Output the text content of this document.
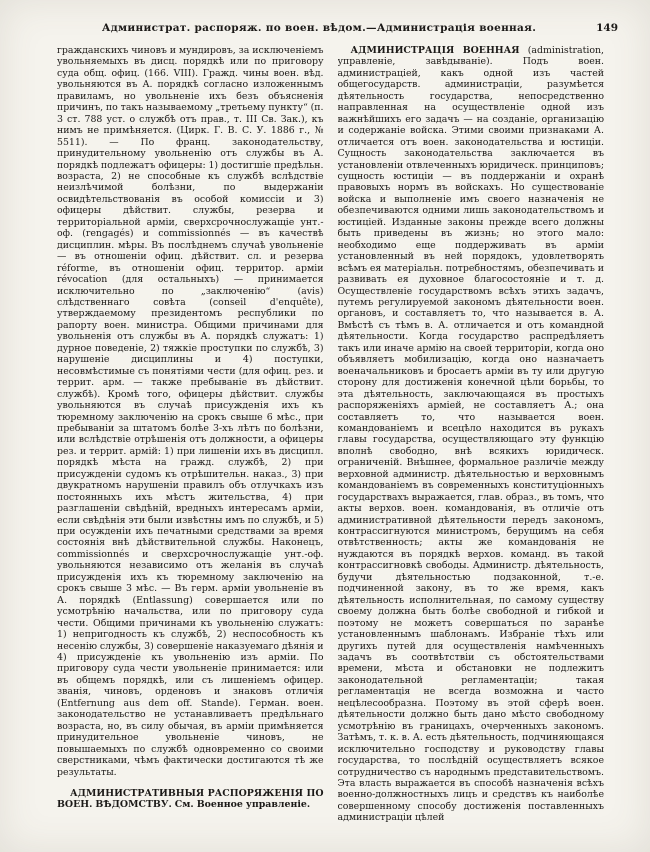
Администрат. распоряж. по воен. вѣдом.—Администрація военная.	149

гражданскихъ чиновъ и мундировъ, за исключеніемъ увольняемыхъ въ дисц. порядкѣ или по приговору суда общ. офиц. (166. VIII). Гражд. чины воен. вѣд. увольняются въ А. порядкѣ согласно изложеннымъ правиламъ, но увольненіе ихъ безъ объясненія причинъ, по такъ называемому „третьему пункту“ (п. 3 ст. 788 уст. о службѣ отъ прав., т. III Св. Зак.), къ нимъ не примѣняется. (Цирк. Г. В. С. У. 1886 г., № 5511). — По франц. законодательству, принудительному увольненію отъ службы въ А. порядкѣ подлежатъ офицеры: 1) достигшіе предѣльн. возраста, 2) не способные къ службѣ вслѣдствіе неизлѣчимой болѣзни, по выдержаніи освидѣтельствованія въ особой комиссіи и 3) офицеры дѣйствит. службы, резерва и территоріальной арміи, сверхсрочнослужащіе унт.-оф. (rengagés) и commissionnés — въ качествѣ дисциплин. мѣры. Въ послѣднемъ случаѣ увольненіе — въ отношеніи офиц. дѣйствит. сл. и резерва réforme, въ отношеніи офиц. территор. арміи révocation (для остальныхъ) — принимается исключительно по „заключенію“ (avis) слѣдственнаго совѣта (conseil d'enquête), утверждаемому президентомъ республики по рапорту воен. министра. Общими причинами для увольненія отъ службы въ А. порядкѣ служатъ: 1) дурное поведеніе, 2) тяжкіе проступки по службѣ, 3) нарушеніе дисциплины и 4) поступки, несовмѣстимые съ понятіями чести (для офиц. рез. и террит. арм. — также пребываніе въ дѣйствит. службѣ). Кромѣ того, офицеры дѣйствит. службы увольняются въ случаѣ присужденія ихъ къ тюремному заключенію на срокъ свыше 6 мѣс., при пребываніи за штатомъ болѣе 3-хъ лѣтъ по болѣзни, или вслѣдствіе отрѣшенія отъ должности, а офицеры рез. и террит. армій: 1) при лишеніи ихъ въ дисципл. порядкѣ мѣста на гражд. службѣ, 2) при присужденіи судомъ къ отрѣшительн. наказ., 3) при двукратномъ нарушеніи правилъ объ отлучкахъ изъ постоянныхъ ихъ мѣстъ жительства, 4) при разглашеніи свѣдѣній, вредныхъ интересамъ арміи, если свѣдѣнія эти были извѣстны имъ по службѣ, и 5) при осужденіи ихъ печатными средствами за время состоянія внѣ дѣйствительной службы. Наконецъ, commissionnés и сверхсрочнослужащіе унт.-оф. увольняются независимо отъ желанія въ случаѣ присужденія ихъ къ тюремному заключенію на срокъ свыше 3 мѣс. — Въ герм. арміи увольненіе въ А. порядкѣ (Entlassung) совершается или по усмотрѣнію начальства, или по приговору суда чести. Общими причинами къ увольненію служатъ: 1) непригодность къ службѣ, 2) неспособность къ несенію службы, 3) совершеніе наказуемаго дѣянія и 4) присужденіе къ увольненію изъ арміи. По приговору суда чести увольненіе принимается: или въ общемъ порядкѣ, или съ лишеніемъ офицер. званія, чиновъ, орденовъ и знаковъ отличія (Entfernung aus dem off. Stande). Герман. воен. законодательство не устанавливаетъ предѣльнаго возраста, но, въ силу обычая, въ арміи примѣняется принудительное увольненіе чиновъ, не повышаемыхъ по службѣ одновременно со своими сверстниками, чѣмъ фактически достигаются тѣ же результаты.

АДМИНИСТРАТИВНЫЯ РАСПОРЯЖЕНІЯ ПО ВОЕН. ВѢДОМСТВУ. См. Военное управленіе.

АДМИНИСТРАЦІЯ ВОЕННАЯ (administration, управленіе, завѣдываніе).	Подъ воен. администраціей, какъ одной изъ частей общегосударств. администраціи, разумѣется дѣятельность государства, непосредственно направленная на осуществленіе одной изъ важнѣйшихъ его задачъ — на созданіе, организацію и содержаніе войска. Этими своими признаками А. отличается отъ воен. законодательства и юстиціи. Сущность законодательства заключается въ установленіи отвлеченныхъ юридическ. принциповъ; сущность юстиціи — въ поддержаніи и охранѣ правовыхъ нормъ въ войскахъ. Но существованіе войска и выполненіе имъ своего назначенія не обезпечиваются одними лишь законодательствомъ и юстиціей. Изданные законы прежде всего должны быть приведены въ жизнь; но этого мало: необходимо еще поддерживать въ арміи установленный въ ней порядокъ, удовлетворять всѣмъ ея матеріальн. потребностямъ, обезпечивать и развивать ея духовное благосостояніе и т. д. Осуществленіе государствомъ всѣхъ этихъ задачъ, путемъ регулируемой закономъ дѣятельности воен. органовъ, и составляетъ то, что называется в. А. Вмѣстѣ съ тѣмъ в. А. отличается и отъ командной дѣятельности. Когда государство распредѣляетъ такъ или иначе армію на своей территоріи, когда оно объявляетъ мобилизацію, когда оно назначаетъ военачальниковъ и бросаетъ арміи въ ту или другую сторону для достиженія конечной цѣли борьбы, то эта дѣятельность, заключающаяся въ простыхъ распоряженіяхъ арміей, не составляетъ А.; она составляетъ то, что называется воен. командованіемъ и всецѣло находится въ рукахъ главы государства, осуществляющаго эту функцію вполнѣ свободно, внѣ всякихъ юридическ. ограниченій. Внѣшнее, формальное различіе между верховной администр. дѣятельностью и верховнымъ командованіемъ въ современныхъ конституціонныхъ государствахъ выражается, глав. образ., въ томъ, что акты верхов. воен. командованія, въ отличіе отъ административной дѣятельности передъ закономъ, контрассигнуются министромъ, берущимъ на себя отвѣтственность; акты же командованія не нуждаются въ порядкѣ верхов. команд. въ такой контрассигновкѣ свободы. Администр. дѣятельность, будучи дѣятельностью подзаконной, т.-е. подчиненной закону, въ то же время, какъ дѣятельность исполнительная, по самому существу своему должна быть болѣе свободной и гибкой и поэтому не можетъ совершаться по заранѣе установленнымъ шаблонамъ. Избраніе тѣхъ или другихъ путей для осуществленія намѣченныхъ задачъ въ соотвѣтствіи съ обстоятельствами времени, мѣста и обстановки не подлежитъ законодательной регламентаціи; такая регламентація не всегда возможна и часто нецѣлесообразна. Поэтому въ этой сферѣ воен. дѣятельности должно быть дано мѣсто свободному усмотрѣнію въ границахъ, очерченныхъ закономъ. Затѣмъ, т. к. в. А. есть дѣятельность, подчиняющаяся исключительно господству и руководству главы государства, то послѣдній осуществляетъ всякое сотрудничество съ народнымъ представительствомъ. Эта власть выражается въ способѣ назначенія всѣхъ военно-должностныхъ лицъ и средствъ къ наиболѣе совершенному способу достиженія поставленныхъ администраціи цѣлей
